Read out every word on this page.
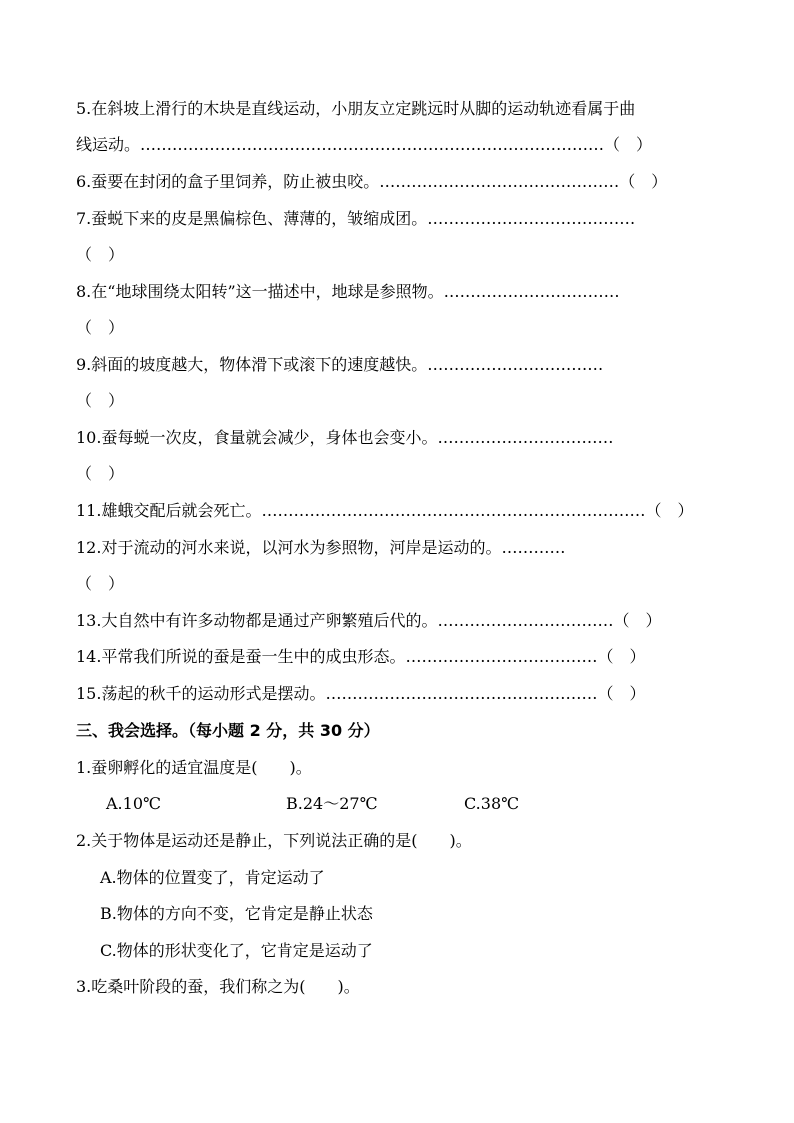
5.在斜坡上滑行的木块是直线运动，小朋友立定跳远时从脚的运动轨迹看属于曲
线运动。……………………………………………………………………………（　）
6.蚕要在封闭的盒子里饲养，防止被虫咬。………………………………………（　）
7.蚕蜕下来的皮是黑偏棕色、薄薄的，皱缩成团。…………………………………
（　）
8.在“地球围绕太阳转”这一描述中，地球是参照物。……………………………
（　）
9.斜面的坡度越大，物体滑下或滚下的速度越快。……………………………
（　）
10.蚕每蜕一次皮，食量就会减少，身体也会变小。……………………………
（　）
11.雄蛾交配后就会死亡。………………………………………………………………（　）
12.对于流动的河水来说，以河水为参照物，河岸是运动的。…………
（　）
13.大自然中有许多动物都是通过产卵繁殖后代的。……………………………（　）
14.平常我们所说的蚕是蚕一生中的成虫形态。………………………………（　）
15.荡起的秋千的运动形式是摆动。……………………………………………（　）
三、我会选择。（每小题 2 分，共 30 分）
1.蚕卵孵化的适宜温度是(　　)。
A.10℃	B.24～27℃	C.38℃
2.关于物体是运动还是静止，下列说法正确的是(　　)。
A.物体的位置变了，肯定运动了
B.物体的方向不变，它肯定是静止状态
C.物体的形状变化了，它肯定是运动了
3.吃桑叶阶段的蚕，我们称之为(　　)。
